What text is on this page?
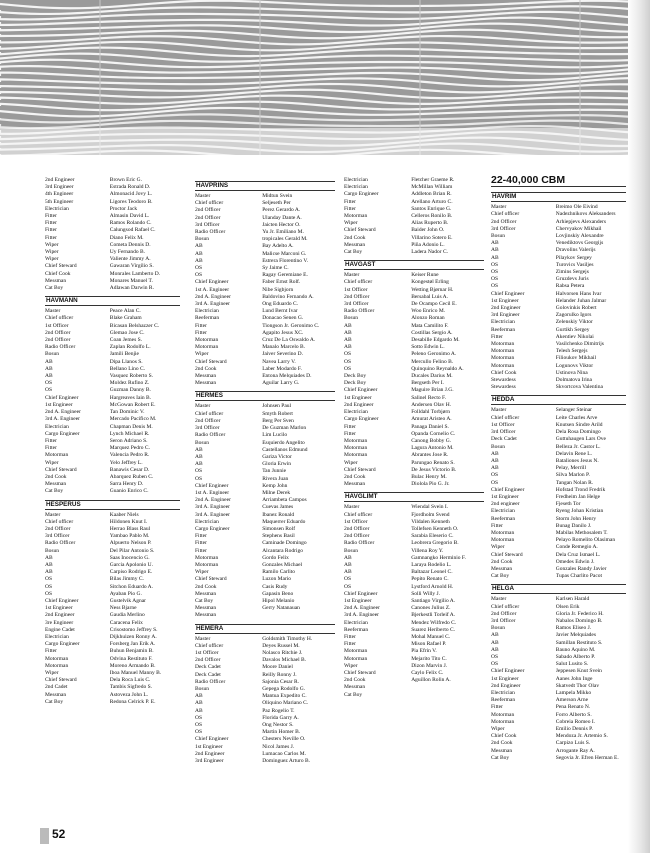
2nd Engineer	Brown Eric G.
3rd Engineer	Estrada Ronald D.
4th Engineer	Almonacid Jovy L.
5th Engineer	Ligores Teodoro B.
Electrician	Proctor Jack
Fitter	Almasin David L.
Fitter	Ramos Rolando C.
Fitter	Calungsod Rafael C.
Fitter	Diano Felix M.
Wiper	Cometa Dennis D.
Wiper	Uy Fernando B.
Wiper	Valiente Jimmy A.
Chief Steward	Gawaran Virgilio S.
Chief Cook	Monrales Lamberto D.
Messman	Monares Manuel T.
Cat Boy	Adlawan Darwin R.
HAVMANN
Master	Peace Alan C.
Chief officer	Blake Graham
1st Officer	Bicasan Belshazzer C.
2nd Officer	Glemao Jose C.
2nd Officer	Coan Jemes S.
Radio Officer	Zaplan Rodolfo L.
Bosun	Jamili Benjie
AB	Dipa Llanos S.
AB	Bellano Lino C.
AB	Vasquez Roberto S.
OS	Moldez Rufino Z.
OS	Guzman Danny B.
Chief Engineer	Hargreaves Iain B.
1st Engineer	McGowan Robert E.
2nd A. Engineer	Tan Dominic V.
3rd A. Engineer	Mercado Pacifico M.
Electrician	Chapman Denis M.
Cargo Engineer	Lynch Michael R.
Fitter	Seron Adriano S.
Fitter	Marquez Pedro C.
Motorman	Valencia Pedro R.
Wiper	Yelo Jeffrey L.
Chief Steward	Banawis Cesar D.
2nd Cook	Abarquez Ruben C.
Messman	Sarra Henry D.
Cat Boy	Guanio Enrico C.
HESPERUS
Master	Kaaber Niels
Chief officer	Hildonen Knut I.
2nd Officer	Herrao Blass Raul
3rd Officer	Yambao Pablo M.
Radio Officer	Alpuerto Nelson P.
Bosun	Del Pilar Antonio S.
AB	Saas Inocencio G.
AB	Garcia Apolonio U.
AB	Carpiso Rodrigo E.
OS	Bilas Jimmy C.
OS	Sitchon Eduardo A.
OS	Ayaban Pio G.
Chief Engineer	Gustelvik Agnar
1st Engineer	Ness Bjarne
2nd Engineer	Gaudia Merlino
3re Engineer	Caracena Felix
Engine Cadet	Crisostomo Jeffrey S.
Electrician	Dijkhuizen Ronny A.
Cargo Engineer	Forsberg Jan Erik A.
Fitter	Buhun Benjamin B.
Motorman	Odvina Restituto F.
Motorman	Moreno Armando B.
Wiper	Iboa Manuel Manny B.
Chief Steward	Dela Roca Luis C.
2nd Cadet	Tambis Sigfredo S.
Messman	Astoveza John L.
Cat Boy	Redona Celrick P. E.
HAVPRINS
Master	Midtun Svein
Chief officer	Seljeseth Per
2nd Officer	Perez Gerardo A.
2nd Officer	Ulanday Dante A.
3rd Officer	Jaicten Hector O.
Radio Officer	Yu Jr. Emiliano M.
Bosun	tropicales Gerald M.
AB	Bay Adelto A.
AB	Malicse Marconi G.
AB	Estrera Florentino V.
OS	Sy Jaime C.
OS	Ragay Geremiane E.
Chief Engineer	Faber Ernst Rolf.
1st A. Engineer	Nibe Sigbjorn
2nd A. Engineer	Baldovino Fernando A.
3rd A. Engineer	Ong Eduardo C.
Electrician	Lund Bernt Ivar
Reeferman	Donacao Senen G.
Fitter	Tiongson Jr. Geronimo C.
Fitter	Agapito Jesus XC.
Motorman	Cruz De La Oswaldo A.
Motorman	Manalo Marcelo B.
Wiper	Jaiver Severino D.
Chief Steward	Navea Larry V.
2nd Cook	Laber Modardo F.
Messman	Entona Melquiades D.
Messman	Aguilar Larry G.
HERMES
Master	Johnsen Paul
Chief officer	Smyth Robert
2nd Officer	Berg Per Sven
3rd Officer	De Guzman Marlon
Radio Officer	Lim Lucilo
Bosun	Esquierdo Angelito
AB	Castellanos Edmund
AB	Gariza Victor
AB	Gloria Erwin
OS	Tan Junnie
OS	Rivera Juan
Chief Engineer	Kemp John
1st A. Engineer	Milne Derek
2nd A. Engineer	Arriambeta Campos
3rd A. Engineer	Cuevas James
3rd A. Engineer	Ibanez Ronald
Electrician	Maquerrer Eduardo
Cargo Engineer	Simonsen Rolf
Fitter	Stephens Basil
Fitter	Caminade Domingo
Fitter	Alcantara Rodrigo
Motorman	Gordo Felix
Motorman	Gonzales Michael
Wiper	Ramilo Carlito
Chief Steward	Luzon Mario
2nd Cook	Casis Rudy
Messman	Gapasin Beno
Cat Boy	Hipol Melanio
Messman	Gerry Natanauan
Messman
HEMERA
Master	Goldsmith Timothy H.
Chief officer	Deyes Russel M.
1st Officer	Nolasco Ritchie J.
2nd Officer	Davalos Michael B.
Deck Cadet	Moore Daniel
Deck Cadet	Reilly Ronny J.
Radio Officer	Sajonia Cesar R.
Bosun	Gepega Rodolfo G.
AB	Mantua Expedito C.
AB	Oliquino Mariano C.
AB	Paz Rogelio T.
OS	Florida Garry A.
OS	Ong Nestor S.
OS	Martin Homer B.
Chief Engineer	Chesters Neville O.
1st Engineer	Nicol James J.
2nd Engineer	Lumacao Carlos M.
3rd Engineer	Dominguez Arturo B.
Electrician	Fletcher Graeme R.
Electrician	McMillan William
Cargo Engineer	Addleton Brian R.
Fitter	Arellano Arturo C.
Fitter	Santos Enrique G.
Motorman	Celleros Ronilo B.
Wiper	Alias Ruperto B.
Chief Steward	Baider John O.
2nd Cook	Villarino Sotero E.
Messman	Piña Adonio L.
Cat Boy	Ladera Nador C.
HAVGAST
Master	Keiser Rune
Chief officer	Kongestøl Erling
1st Officer	Wetting Bjørnar H.
2nd Officer	Bersabal Luis A.
3rd Officer	De Ocampo Cecil E.
Radio Officer	Woo Enrico M.
Bosun	Alonzo Roman
AB	Mata Camilito F.
AB	Costillas Sergio A.
AB	Desabille Edgardo M.
AB	Sotto Edwin L.
OS	Peleno Geronimo A.
OS	Mercullo Felino B.
OS	Quinquino Reynaldo A.
Deck Boy	Ducales Darius M.
Deck Boy	Bergseth Per I.
Chief Engineer	Maguire Brian J.G.
1st Engineer	Salinel Recto F.
2nd Engineer	Andersen Olav H.
Electrician	Folldahl Torbjørn
Cargo Engineer	Amurat Aristeo A.
Fitter	Panaga Daniel S.
Fitter	Opanda Cornelio C.
Motorman	Canong Bobby G.
Motorman	Lagura Antonio M.
Motorman	Abrantes Jose R.
Wiper	Parungao Renato S.
Chief Steward	De Jesus Victorio B.
2nd Cook	Bulac Henry M.
Messman	Diolola Pio G. Jr.
HAVGLIMT
Master	Wiendal Svein I.
Chief officer	Fjordholm Svend
1st Officer	Vildalen Kenneth
2nd Officer	Tollefsen Kenneth O.
2nd Officer	Sarabia Eleserio C.
Radio Officer	Leobrera Gregorio B.
Bosun	Villena Roy Y.
AB	Gamnangko Herminio F.
AB	Laraya Rodelio L.
AB	Baltazar Leonel C.
OS	Pepito Renato C.
OS	Lystford Arnold H.
Chief Engineer	Solli Willy J.
1st Engineer	Santiago Virgilio A.
2nd A. Engineer	Canones Julius Z.
3rd A. Engineer	Bjerkestli Torleif A.
Electrician	Mendez Wilfredo C.
Reeferman	Suarez Heriberto C.
Fitter	Mohal Manuel C.
Fitter	Mison Rafael P.
Motorman	Pia Efrin V.
Motorman	Mejarito Tito C.
Wiper	Dizon Marvin J.
Chief Steward	Caylo Felix C.
2nd Cook	Aguillon Rolin A.
Messman
Cat Boy
22-40,000 CBM
HAVRIM
Master	Breimo Ole Eivind
Chief officer	Nadezhnikovs Aleksanders
2nd Officer	Arhiepjevs Alexanders
3rd Officer	Chervyakov Mikhail
Bosun	Lovjinskiy Alexandre
AB	Venediktovs Georgijs
AB	Dravolins Valerijs
AB	Pilaykov Sergey
OS	Turovics Vasiljes
OS	Zimins Sergejs
OS	Gruzdevs Juris
OS	Rabsa Petera
Chief Engineer	Halvorsen Hans Ivar
1st Engineer	Helander Juhan Jalmar
2nd Engineer	Golovinkis Robert
3rd Engineer	Zagorulko Igors
Electrician	Zelenskiy Viktor
Reeferman	Gurtikh Sergey
Fitter	Akentiev Nikolai
Motorman	Vasilchenko Dimitrijs
Motorman	Telesh Sergejs
Motorman	Filioukov Mikhail
Motorman	Logunovs Viktor
Chief Cook	Ustinova Nina
Stewardess	Dolmatova Irina
Stewardess	Skvortcova Valentina
HEDDA
Master	Selanger Steinar
Chief officer	Leite Charles Arve
1st Officer	Knutsen Sindre Arild
3rd Officer	Dela Rosa Domingo
Deck Cadet	Guttuhaugen Lars Ove
Bosun	Belleza Jr. Castor L.
AB	Delavin Rene L.
AB	Bataliones Jesus N.
AB	Pelay, Merrill
OS	Silva Marlon P.
OS	Tangan Nolan R.
Chief Engineer	Hofstad Trond Fredrik
1st Engineer	Fredheim Jan Helge
2nd engineer	Fjeseth Tor
Electrician	Ryeng Johan Kristian
Reeferman	Storm John Henry
Fitter	Bunag Danilo J.
Motorman	Mabilas Methosalem T.
Motorman	Pelayo Romelito Olasiman
Wiper	Conde Remegio A.
Chief Steward	Dela Cruz Ismael L.
2nd Cook	Omedes Edwin J.
Messman	Gonzales Randy Javier
Cat Boy	Tupas Charlito Pacot
HELGA
Master	Karlsen Harald
Chief officer	Olsen Erik
2nd Officer	Gloria Jr. Federico H.
3rd Officer	Nabalos Domingo B.
Bosun	Ramos Eliseo J.
AB	Javier Melquiades
AB	Samillan Restituto S.
AB	Bauno Aquino M.
OS	Sabado Alberto P.
OS	Salut Lusito S.
Chief Engineer	Jeppesen Knut Svein
1st Engineer	Aanes John Inge
2nd Engineer	Skatvedt Thor Olav
Electrician	Lampela Mikko
Reeferman	Amerson Arne
Fitter	Pena Renato N.
Motorman	Forro Alberto S.
Motorman	Cobreia Romeo I.
Wiper	Emilio Dennis P.
Chief Cook	Mendoza Jr. Artemio S.
2nd Cook	Carpizo Luis S.
Messman	Arrogante Ray A.
Cat Boy	Segovia Jr. Efren Herman E.
52
